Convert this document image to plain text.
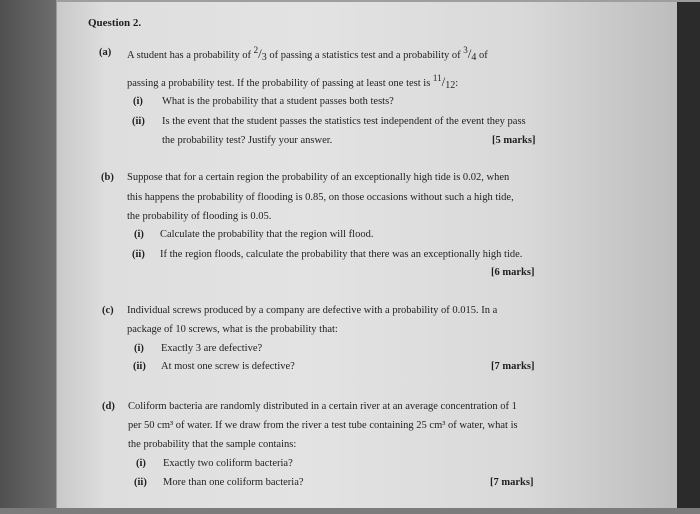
Question 2.
(a) A student has a probability of $^2/_3$ of passing a statistics test and a probability of $^3/_4$ of
passing a probability test. If the probability of passing at least one test is $^{11}/_{12}$:
(i) What is the probability that a student passes both tests?
(ii) Is the event that the student passes the statistics test independent of the event they pass
the probability test? Justify your answer.	[5 marks]
(b) Suppose that for a certain region the probability of an exceptionally high tide is 0.02, when
this happens the probability of flooding is 0.85, on those occasions without such a high tide,
the probability of flooding is 0.05.
(i) Calculate the probability that the region will flood.
(ii) If the region floods, calculate the probability that there was an exceptionally high tide.
[6 marks]
(c) Individual screws produced by a company are defective with a probability of 0.015. In a
package of 10 screws, what is the probability that:
(i) Exactly 3 are defective?
(ii) At most one screw is defective?	[7 marks]
(d) Coliform bacteria are randomly distributed in a certain river at an average concentration of 1
per 50 cm³ of water. If we draw from the river a test tube containing 25 cm³ of water, what is
the probability that the sample contains:
(i) Exactly two coliform bacteria?
(ii) More than one coliform bacteria?	[7 marks]
